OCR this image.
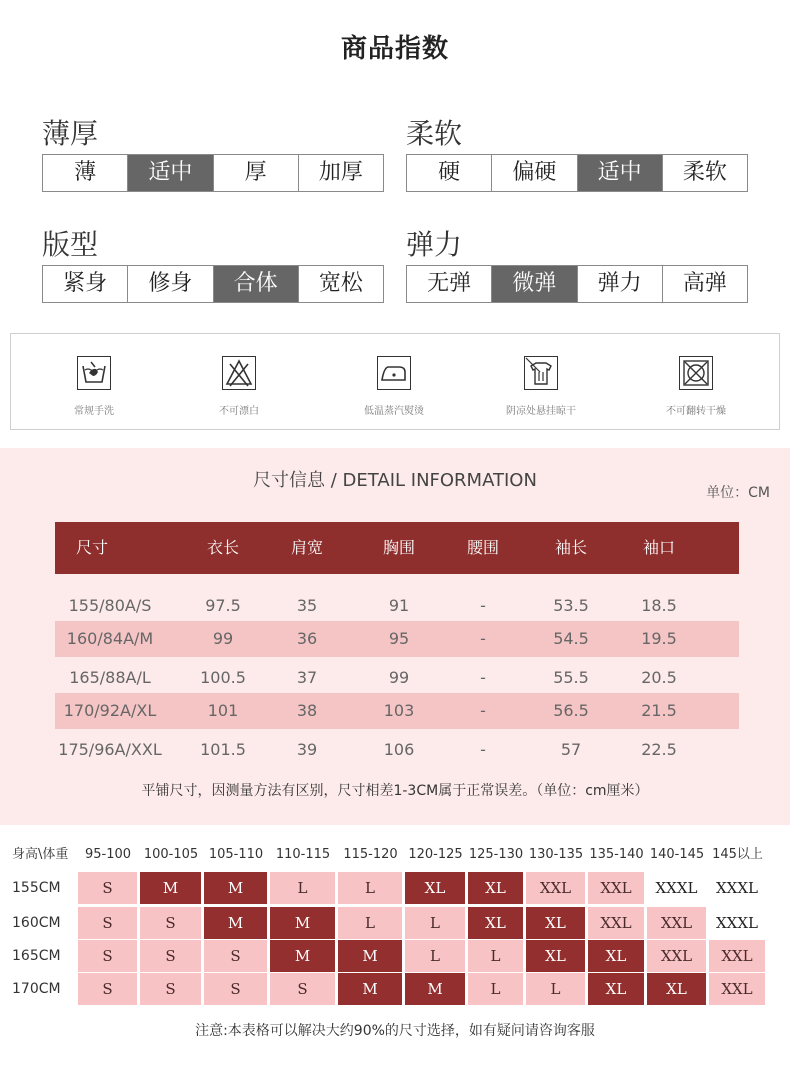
商品指数
薄厚
薄	适中	厚	加厚
柔软
硬	偏硬	适中	柔软
版型
紧身	修身	合体	宽松
弹力
无弹	微弹	弹力	高弹
常规手洗	不可漂白	低温蒸汽熨烫	阴凉处悬挂晾干	不可翻转干燥
尺寸信息 / DETAIL INFORMATION
单位：CM
尺寸	衣长	肩宽	胸围	腰围	袖长	袖口
155/80A/S	97.5	35	91	-	53.5	18.5
160/84A/M	99	36	95	-	54.5	19.5
165/88A/L	100.5	37	99	-	55.5	20.5
170/92A/XL	101	38	103	-	56.5	21.5
175/96A/XXL	101.5	39	106	-	57	22.5
平铺尺寸，因测量方法有区别，尺寸相差1-3CM属于正常误差。（单位：cm厘米）
身高\体重	95-100 100-105 105-110 110-115	115-120 120-125 125-130 130-135 135-140 140-145 145以上
155CM	S	M	M	L	L	XL	XL	XXL	XXL	XXXL	XXXL
160CM	S	S	M	M	L	L	XL	XL	XXL	XXL	XXXL
165CM	S	S	S	M	M	L	L	XL	XL	XXL	XXL
170CM	S	S	S	S	M	M	L	L	XL	XL	XXL
注意:本表格可以解决大约90%的尺寸选择，如有疑问请咨询客服
